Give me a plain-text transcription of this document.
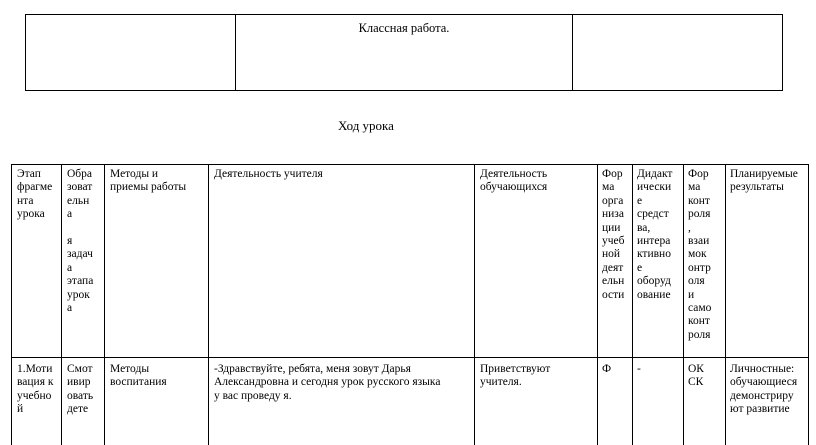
Классная работа.
Ход урока
Этап
фрагме
нта
урока
Обра
зоват
ельн
а

я
задач
а
этапа
урок
а
Методы и
приемы работы
Деятельность учителя	Деятельность
обучающихся
Фор
ма
орга
низа
ции
учеб
ной
деят
ельн
ости
Дидакт
ически
е
средст
ва,
интера
ктивно
е
оборуд
ование
Фор
ма
конт
роля
,
взаи
мок
онтр
оля
и
само
конт
роля
Планируемые
результаты
1.Моти
вация к
учебно
й
Смот
ивир
овать
дете
Методы
воспитания
-Здравствуйте, ребята, меня зовут Дарья
Александровна и сегодня урок русского языка
у вас проведу я.
Приветствуют
учителя.
Ф -	ОК
СК
Личностные:
обучающиеся
демонстриру
ют развитие
